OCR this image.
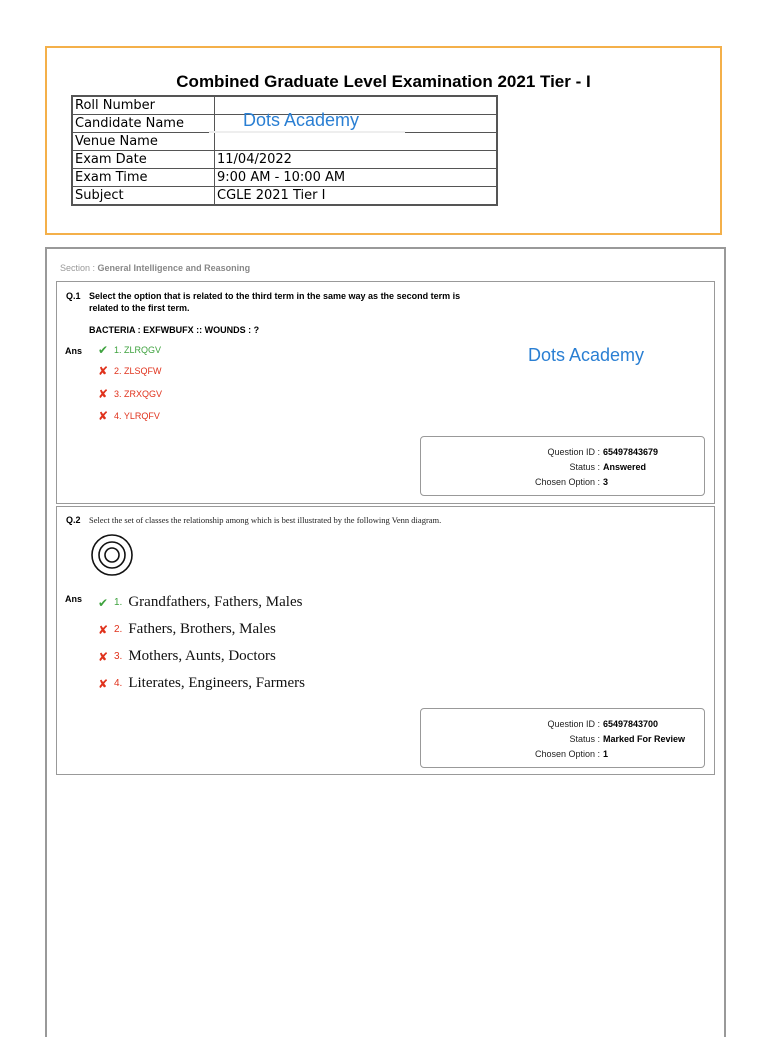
Combined Graduate Level Examination 2021 Tier - I
Roll Number	
Candidate Name	
Venue Name	
Exam Date	11/04/2022
Exam Time	9:00 AM - 10:00 AM
Subject	CGLE 2021 Tier I
Dots Academy
Section : General Intelligence and Reasoning
Q.1 Select the option that is related to the third term in the same way as the second term is
related to the first term.
BACTERIA : EXFWBUFX :: WOUNDS : ?
Ans ✔ 1. ZLRQGV
✘ 2. ZLSQFW
✘ 3. ZRXQGV
✘ 4. YLRQFV
Dots Academy
Question ID : 65497843679
Status : Answered
Chosen Option : 3
Q.2 Select the set of classes the relationship among which is best illustrated by the following Venn diagram.
Ans ✔ 1. Grandfathers, Fathers, Males
✘ 2. Fathers, Brothers, Males
✘ 3. Mothers, Aunts, Doctors
✘ 4. Literates, Engineers, Farmers
Question ID : 65497843700
Status : Marked For Review
Chosen Option : 1
